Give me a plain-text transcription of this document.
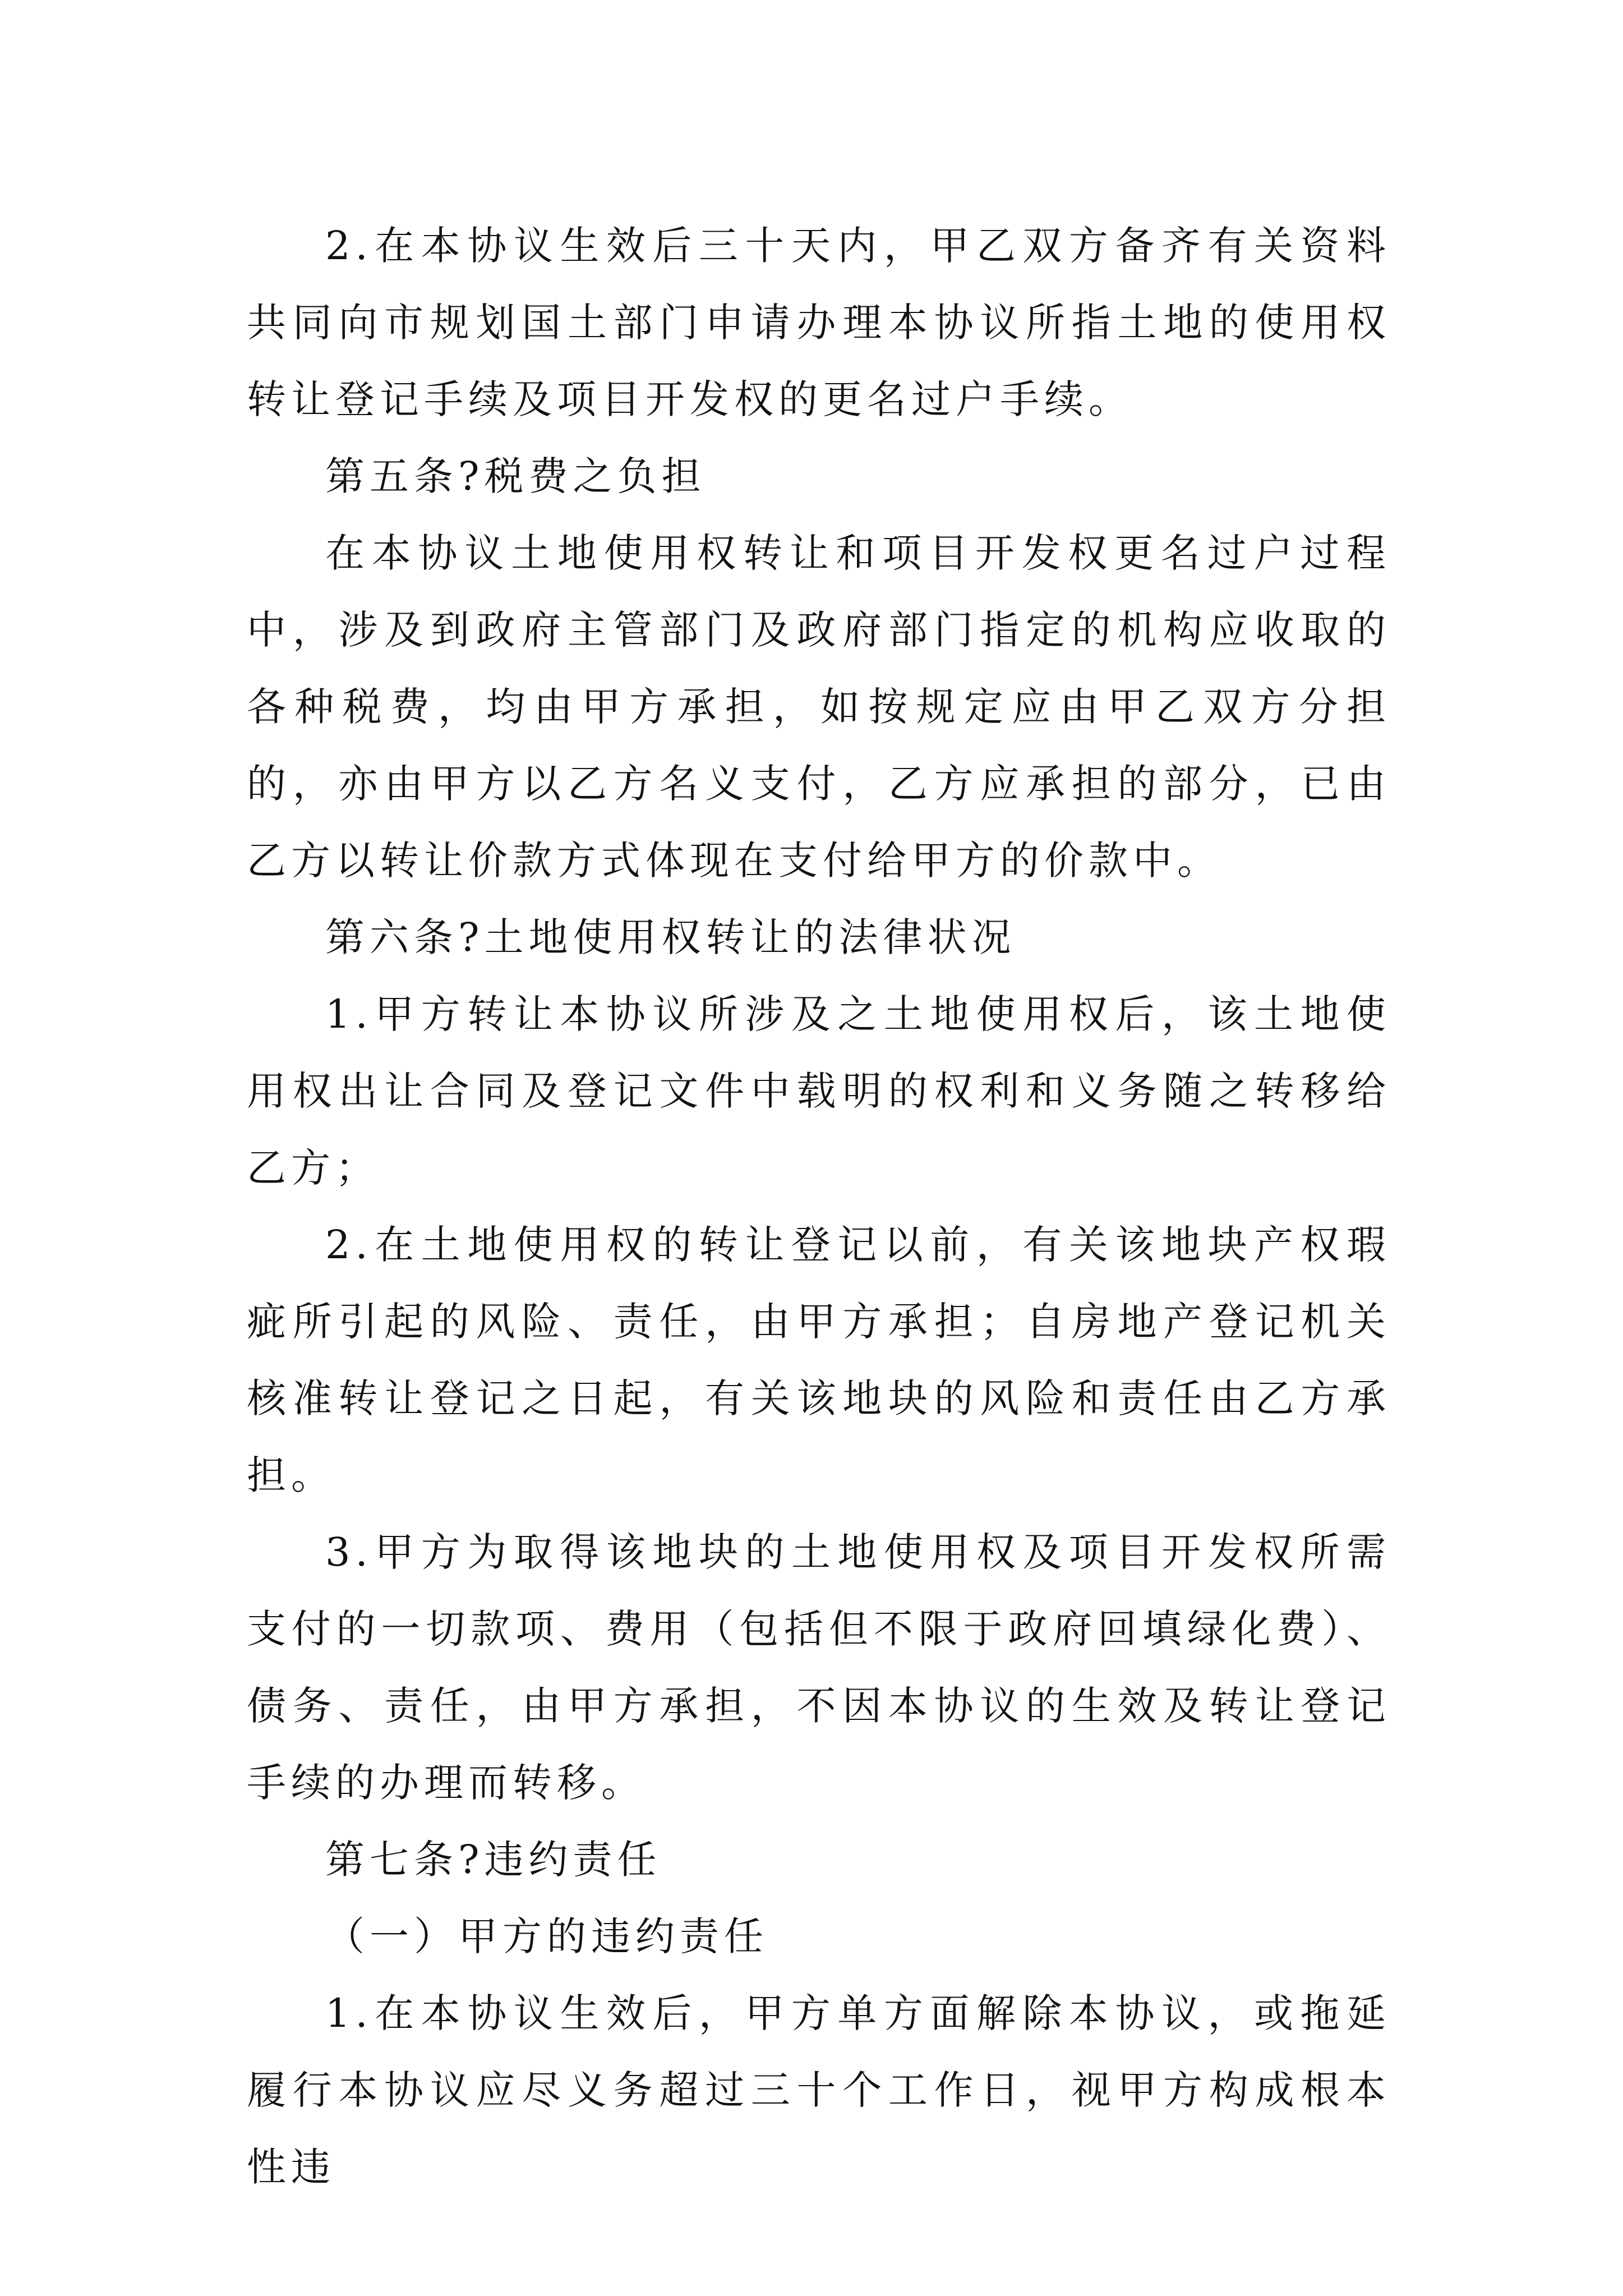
2.在本协议生效后三十天内，甲乙双方备齐有关资料共同向市规划国土部门申请办理本协议所指土地的使用权转让登记手续及项目开发权的更名过户手续。

第五条?税费之负担

在本协议土地使用权转让和项目开发权更名过户过程中，涉及到政府主管部门及政府部门指定的机构应收取的各种税费，均由甲方承担，如按规定应由甲乙双方分担的，亦由甲方以乙方名义支付，乙方应承担的部分，已由乙方以转让价款方式体现在支付给甲方的价款中。

第六条?土地使用权转让的法律状况

1.甲方转让本协议所涉及之土地使用权后，该土地使用权出让合同及登记文件中载明的权利和义务随之转移给乙方；

2.在土地使用权的转让登记以前，有关该地块产权瑕疵所引起的风险、责任，由甲方承担；自房地产登记机关核准转让登记之日起，有关该地块的风险和责任由乙方承担。

3.甲方为取得该地块的土地使用权及项目开发权所需支付的一切款项、费用（包括但不限于政府回填绿化费）、债务、责任，由甲方承担，不因本协议的生效及转让登记手续的办理而转移。

第七条?违约责任

（一）甲方的违约责任

1.在本协议生效后，甲方单方面解除本协议，或拖延履行本协议应尽义务超过三十个工作日，视甲方构成根本性违
